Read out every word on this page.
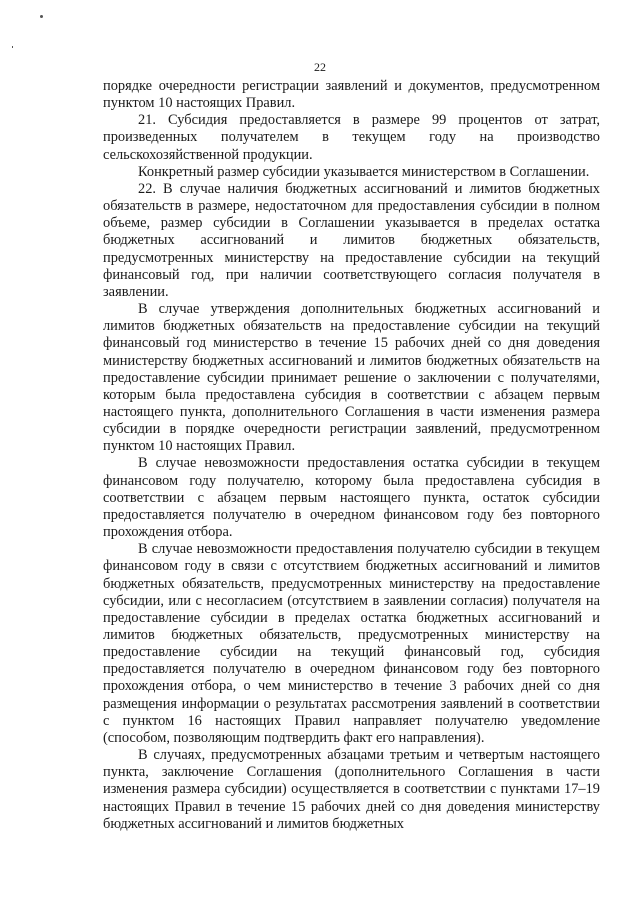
22

порядке очередности регистрации заявлений и документов, предусмотренном пунктом 10 настоящих Правил.

21. Субсидия предоставляется в размере 99 процентов от затрат, произведенных получателем в текущем году на производство сельскохозяйственной продукции.

Конкретный размер субсидии указывается министерством в Соглашении.

22. В случае наличия бюджетных ассигнований и лимитов бюджетных обязательств в размере, недостаточном для предоставления субсидии в полном объеме, размер субсидии в Соглашении указывается в пределах остатка бюджетных ассигнований и лимитов бюджетных обязательств, предусмотренных министерству на предоставление субсидии на текущий финансовый год, при наличии соответствующего согласия получателя в заявлении.

В случае утверждения дополнительных бюджетных ассигнований и лимитов бюджетных обязательств на предоставление субсидии на текущий финансовый год министерство в течение 15 рабочих дней со дня доведения министерству бюджетных ассигнований и лимитов бюджетных обязательств на предоставление субсидии принимает решение о заключении с получателями, которым была предоставлена субсидия в соответствии с абзацем первым настоящего пункта, дополнительного Соглашения в части изменения размера субсидии в порядке очередности регистрации заявлений, предусмотренном пунктом 10 настоящих Правил.

В случае невозможности предоставления остатка субсидии в текущем финансовом году получателю, которому была предоставлена субсидия в соответствии с абзацем первым настоящего пункта, остаток субсидии предоставляется получателю в очередном финансовом году без повторного прохождения отбора.

В случае невозможности предоставления получателю субсидии в текущем финансовом году в связи с отсутствием бюджетных ассигнований и лимитов бюджетных обязательств, предусмотренных министерству на предоставление субсидии, или с несогласием (отсутствием в заявлении согласия) получателя на предоставление субсидии в пределах остатка бюджетных ассигнований и лимитов бюджетных обязательств, предусмотренных министерству на предоставление субсидии на текущий финансовый год, субсидия предоставляется получателю в очередном финансовом году без повторного прохождения отбора, о чем министерство в течение 3 рабочих дней со дня размещения информации о результатах рассмотрения заявлений в соответствии с пунктом 16 настоящих Правил направляет получателю уведомление (способом, позволяющим подтвердить факт его направления).

В случаях, предусмотренных абзацами третьим и четвертым настоящего пункта, заключение Соглашения (дополнительного Соглашения в части изменения размера субсидии) осуществляется в соответствии с пунктами 17–19 настоящих Правил в течение 15 рабочих дней со дня доведения министерству бюджетных ассигнований и лимитов бюджетных
